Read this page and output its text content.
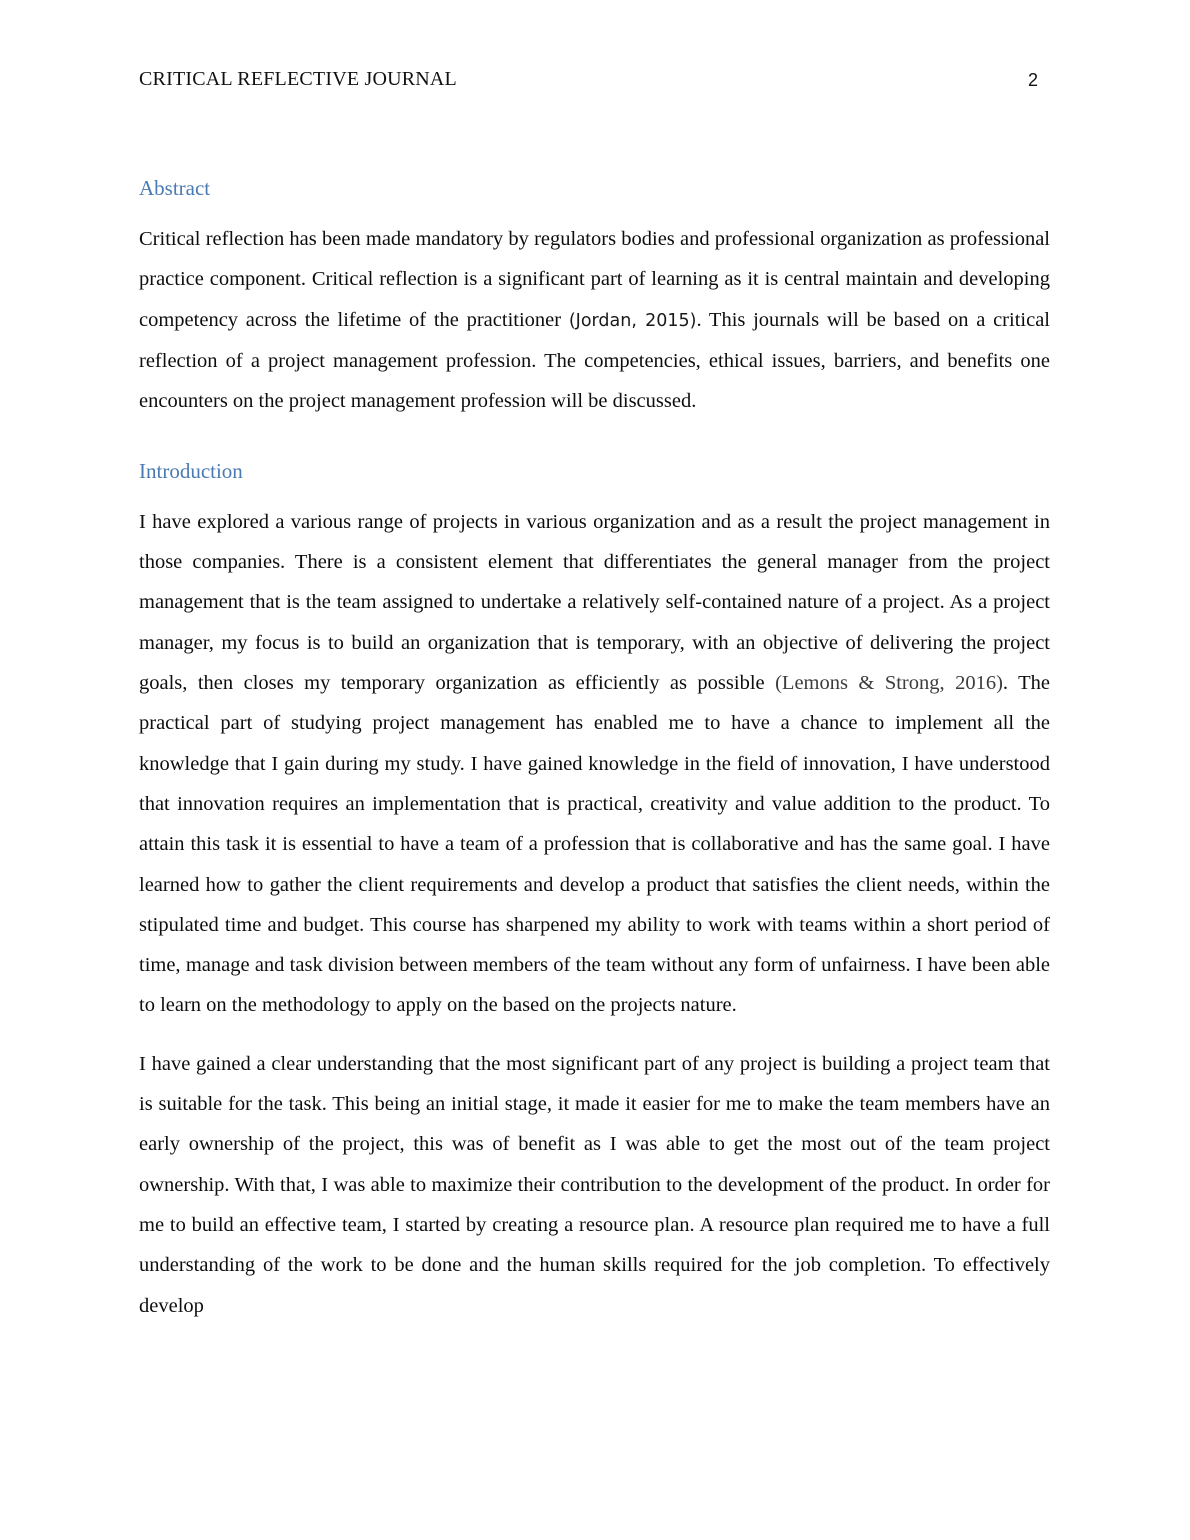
CRITICAL REFLECTIVE JOURNAL	2
Abstract

Critical reflection has been made mandatory by regulators bodies and professional organization as professional practice component. Critical reflection is a significant part of learning as it is central maintain and developing competency across the lifetime of the practitioner (Jordan, 2015). This journals will be based on a critical reflection of a project management profession. The competencies, ethical issues, barriers, and benefits one encounters on the project management profession will be discussed.

Introduction

I have explored a various range of projects in various organization and as a result the project management in those companies. There is a consistent element that differentiates the general manager from the project management that is the team assigned to undertake a relatively self-contained nature of a project. As a project manager, my focus is to build an organization that is temporary, with an objective of delivering the project goals, then closes my temporary organization as efficiently as possible (Lemons & Strong, 2016). The practical part of studying project management has enabled me to have a chance to implement all the knowledge that I gain during my study. I have gained knowledge in the field of innovation, I have understood that innovation requires an implementation that is practical, creativity and value addition to the product. To attain this task it is essential to have a team of a profession that is collaborative and has the same goal. I have learned how to gather the client requirements and develop a product that satisfies the client needs, within the stipulated time and budget. This course has sharpened my ability to work with teams within a short period of time, manage and task division between members of the team without any form of unfairness. I have been able to learn on the methodology to apply on the based on the projects nature.

I have gained a clear understanding that the most significant part of any project is building a project team that is suitable for the task. This being an initial stage, it made it easier for me to make the team members have an early ownership of the project, this was of benefit as I was able to get the most out of the team project ownership. With that, I was able to maximize their contribution to the development of the product. In order for me to build an effective team, I started by creating a resource plan. A resource plan required me to have a full understanding of the work to be done and the human skills required for the job completion. To effectively develop
